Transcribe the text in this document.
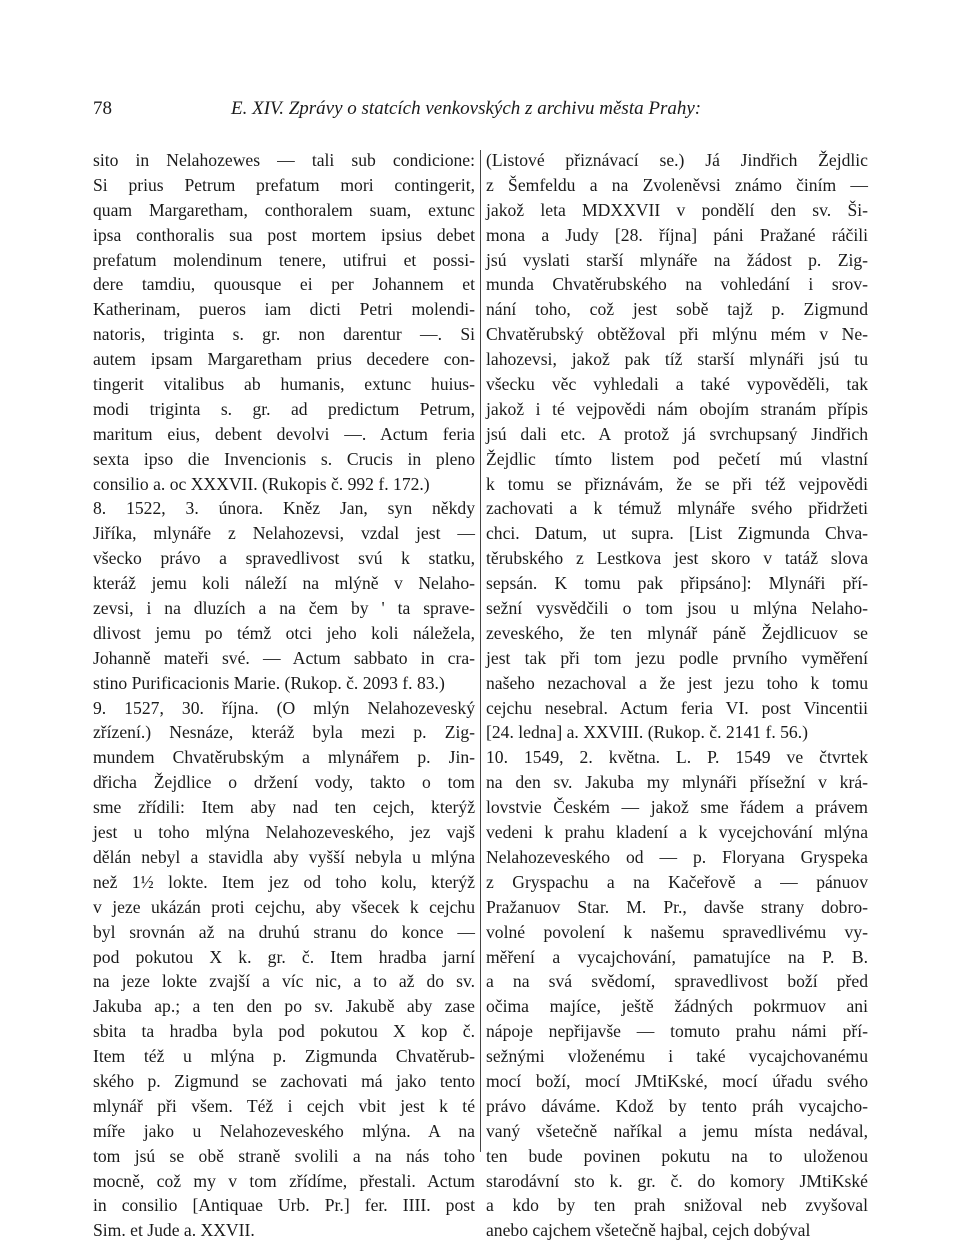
78	E. XIV. Zprávy o statcích venkovských z archivu města Prahy:
sito in Nelahozewes — tali sub condicione:
Si prius Petrum prefatum mori contingerit,
quam Margaretham, conthoralem suam, extunc
ipsa conthoralis sua post mortem ipsius debet
prefatum molendinum tenere, utifrui et possi-
dere tamdiu, quousque ei per Johannem et
Katherinam, pueros iam dicti Petri molendi-
natoris, triginta s. gr. non darentur —. Si
autem ipsam Margaretham prius decedere con-
tingerit vitalibus ab humanis, extunc huius-
modi triginta s. gr. ad predictum Petrum,
maritum eius, debent devolvi —. Actum feria
sexta ipso die Invencionis s. Crucis in pleno
consilio a. oc XXXVII. (Rukopis č. 992 f. 172.)
8. 1522, 3. února. Kněz Jan, syn někdy
Jiříka, mlynáře z Nelahozevsi, vzdal jest —
všecko právo a spravedlivost svú k statku,
kteráž jemu koli náleží na mlýně v Nelaho-
zevsi, i na dluzích a na čem by ' ta sprave-
dlivost jemu po témž otci jeho koli náležela,
Johanně mateři své. — Actum sabbato in cra-
stino Purificacionis Marie. (Rukop. č. 2093 f. 83.)
9. 1527, 30. října. (O mlýn Nelahozeveský
zřízení.) Nesnáze, kteráž byla mezi p. Zig-
mundem Chvatěrubským a mlynářem p. Jin-
dřicha Žejdlice o držení vody, takto o tom
sme zřídili: Item aby nad ten cejch, kterýž
jest u toho mlýna Nelahozeveského, jez vajš
dělán nebyl a stavidla aby vyšší nebyla u mlýna
než 1½ lokte. Item jez od toho kolu, kterýž
v jeze ukázán proti cejchu, aby všecek k cejchu
byl srovnán až na druhú stranu do konce —
pod pokutou X k. gr. č. Item hradba jarní
na jeze lokte zvajší a víc nic, a to až do sv.
Jakuba ap.; a ten den po sv. Jakubě aby zase
sbita ta hradba byla pod pokutou X kop č.
Item též u mlýna p. Zigmunda Chvatěrub-
ského p. Zigmund se zachovati má jako tento
mlynář při všem. Též i cejch vbit jest k té
míře jako u Nelahozeveského mlýna. A na
tom jsú se obě straně svolili a na nás toho
mocně, což my v tom zřídíme, přestali. Actum
in consilio [Antiquae Urb. Pr.] fer. IIII. post
Sim. et Jude a. XXVII.
(Listové přiznávací se.) Já Jindřich Žejdlic
z Šemfeldu a na Zvoleněvsi známo činím —
jakož leta MDXXVII v pondělí den sv. Ši-
mona a Judy [28. října] páni Pražané ráčili
jsú vyslati starší mlynáře na žádost p. Zig-
munda Chvatěrubského na vohledání i srov-
nání toho, což jest sobě tajž p. Zigmund
Chvatěrubský obtěžoval při mlýnu mém v Ne-
lahozevsi, jakož pak tíž starší mlynáři jsú tu
všecku věc vyhledali a také vypověděli, tak
jakož i té vejpovědi nám obojím stranám přípis
jsú dali etc. A protož já svrchupsaný Jindřich
Žejdlic tímto listem pod pečetí mú vlastní
k tomu se přiznávám, že se při též vejpovědi
zachovati a k témuž mlynáře svého přidržeti
chci. Datum, ut supra. [List Zigmunda Chva-
těrubského z Lestkova jest skoro v tatáž slova
sepsán. K tomu pak připsáno]: Mlynáři pří-
sežní vysvědčili o tom jsou u mlýna Nelaho-
zeveského, že ten mlynář páně Žejdlicuov se
jest tak při tom jezu podle prvního vyměření
našeho nezachoval a že jest jezu toho k tomu
cejchu nesebral. Actum feria VI. post Vincentii
[24. ledna] a. XXVIII. (Rukop. č. 2141 f. 56.)
10. 1549, 2. května. L. P. 1549 ve čtvrtek
na den sv. Jakuba my mlynáři přísežní v krá-
lovstvie Českém — jakož sme řádem a právem
vedeni k prahu kladení a k vycejchování mlýna
Nelahozeveského od — p. Floryana Gryspeka
z Gryspachu a na Kačeřově a — pánuov
Pražanuov Star. M. Pr., davše strany dobro-
volné povolení k našemu spravedlivému vy-
měření a vycajchování, pamatujíce na P. B.
a na svá svědomí, spravedlivost boží před
očima majíce, ještě žádných pokrmuov ani
nápoje nepřijavše — tomuto prahu námi pří-
sežnými vloženému i také vycajchovanému
mocí boží, mocí JMtiKské, mocí úřadu svého
právo dáváme. Kdož by tento práh vycajcho-
vaný všetečně naříkal a jemu místa nedával,
ten bude povinen pokutu na to uloženou
starodávní sto k. gr. č. do komory JMtiKské
a kdo by ten prah snižoval neb zvyšoval
anebo cajchem všetečně hajbal, cejch dobýval
